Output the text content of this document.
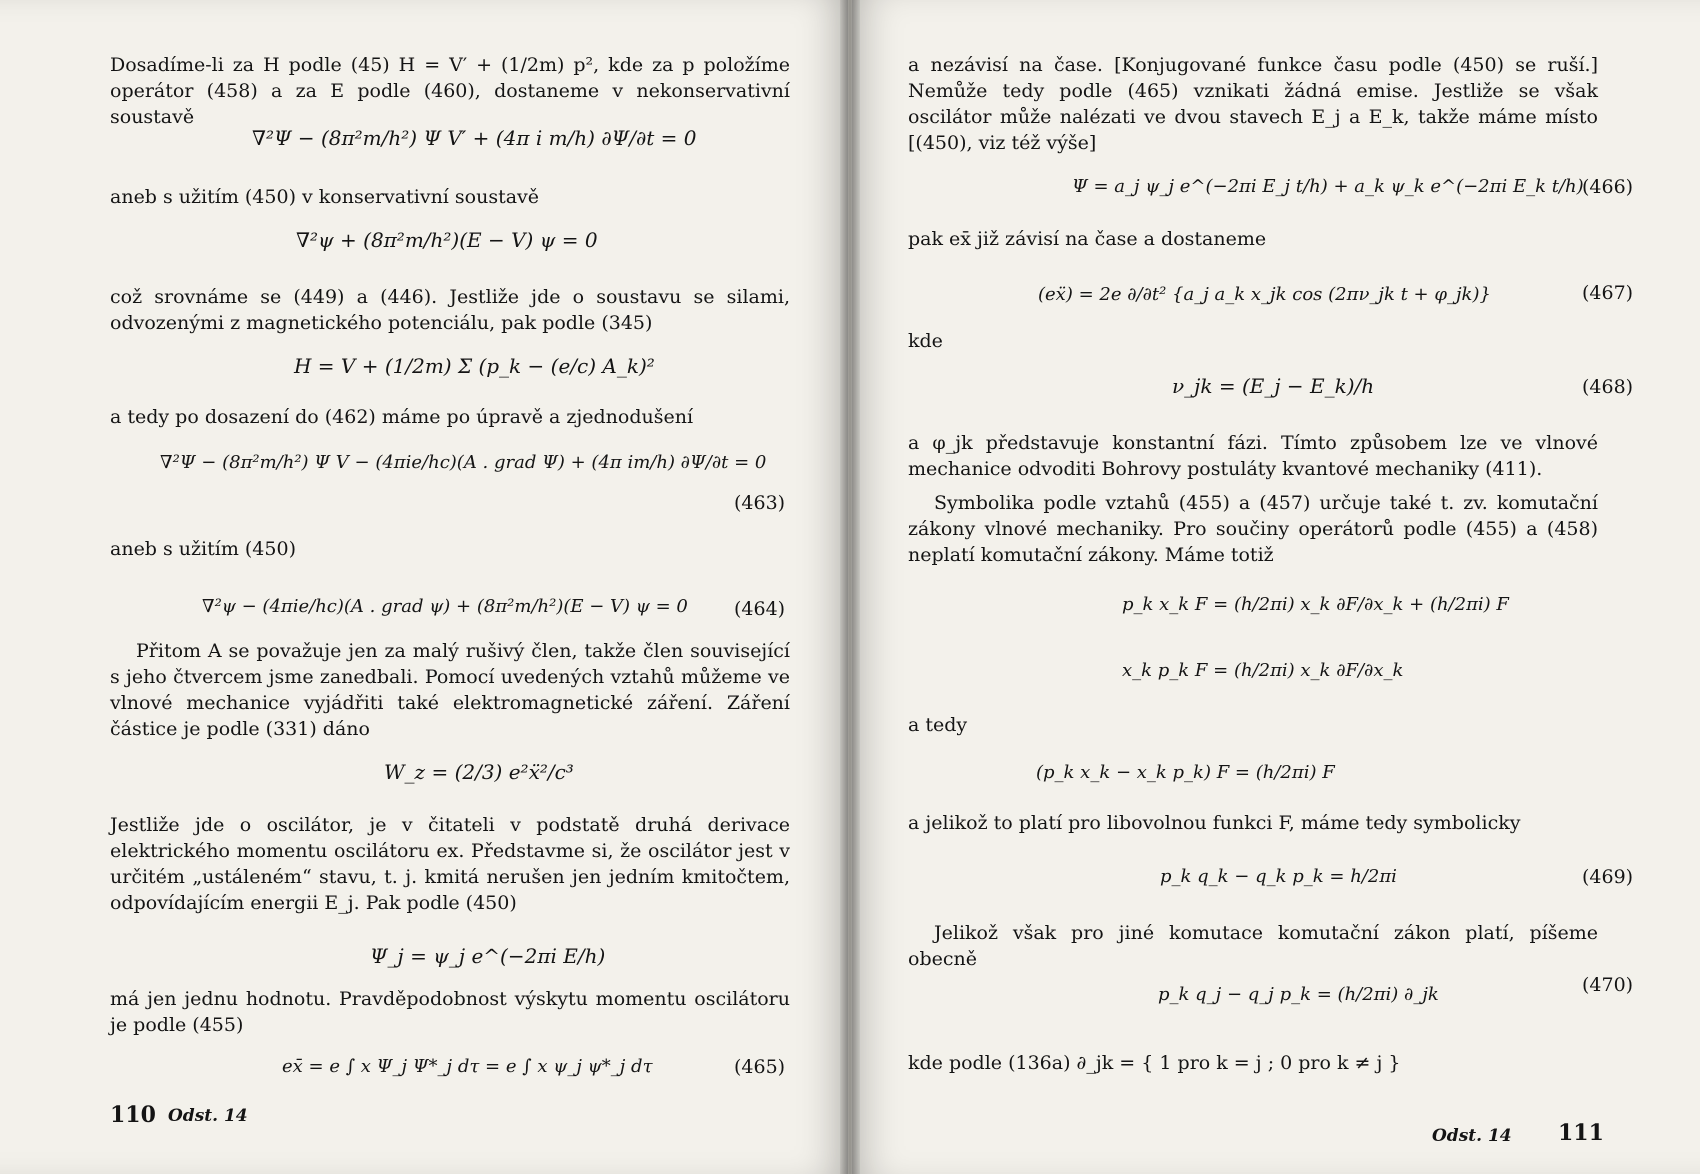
Dosadíme-li za H podle (45) H = V′ + (1/2m) p², kde za p položíme operátor (458) a za E podle (460), dostaneme v nekonservativní soustavě
∇²Ψ − (8π²m/h²) Ψ V′ + (4π i m/h) ∂Ψ/∂t = 0
aneb s užitím (450) v konservativní soustavě
∇²ψ + (8π²m/h²)(E − V) ψ = 0
což srovnáme se (449) a (446). Jestliže jde o soustavu se silami, odvozenými z magnetického potenciálu, pak podle (345)
H = V + (1/2m) Σ (p_k − (e/c) A_k)²
a tedy po dosazení do (462) máme po úpravě a zjednodušení
∇²Ψ − (8π²m/h²) Ψ V − (4πie/hc)(A . grad Ψ) + (4π im/h) ∂Ψ/∂t = 0
(463)
aneb s užitím (450)
∇²ψ − (4πie/hc)(A . grad ψ) + (8π²m/h²)(E − V) ψ = 0 (464)
Přitom A se považuje jen za malý rušivý člen, takže člen související s jeho čtvercem jsme zanedbali. Pomocí uvedených vztahů můžeme ve vlnové mechanice vyjádřiti také elektromagnetické záření. Záření částice je podle (331) dáno
W_z = (2/3) e²ẍ²/c³
Jestliže jde o oscilátor, je v čitateli v podstatě druhá derivace elektrického momentu oscilátoru ex. Představme si, že oscilátor jest v určitém „ustáleném“ stavu, t. j. kmitá nerušen jen jedním kmitočtem, odpovídajícím energii E_j. Pak podle (450)
Ψ_j = ψ_j e^(−2πi E/h)
má jen jednu hodnotu. Pravděpodobnost výskytu momentu oscilátoru je podle (455)
ex̄ = e ∫ x Ψ_j Ψ*_j dτ = e ∫ x ψ_j ψ*_j dτ	(465)
110 Odst. 14
a nezávisí na čase. [Konjugované funkce času podle (450) se ruší.] Nemůže tedy podle (465) vznikati žádná emise. Jestliže se však oscilátor může nalézati ve dvou stavech E_j a E_k, takže máme místo [(450), viz též výše]
Ψ = a_j ψ_j e^(−2πi E_j t/h) + a_k ψ_k e^(−2πi E_k t/h)
(466)
pak ex̄ již závisí na čase a dostaneme
(eẍ) = 2e ∂/∂t² {a_j a_k x_jk cos (2πν_jk t + φ_jk)}	(467)
kde
ν_jk = (E_j − E_k)/h	(468)
a φ_jk představuje konstantní fázi. Tímto způsobem lze ve vlnové mechanice odvoditi Bohrovy postuláty kvantové mechaniky (411).
Symbolika podle vztahů (455) a (457) určuje také t. zv. komutační zákony vlnové mechaniky. Pro součiny operátorů podle (455) a (458) neplatí komutační zákony. Máme totiž
p_k x_k F = (h/2πi) x_k ∂F/∂x_k + (h/2πi) F
x_k p_k F = (h/2πi) x_k ∂F/∂x_k
a tedy
(p_k x_k − x_k p_k) F = (h/2πi) F
a jelikož to platí pro libovolnou funkci F, máme tedy symbolicky
p_k q_k − q_k p_k = h/2πi	(469)
Jelikož však pro jiné komutace komutační zákon platí, píšeme obecně
p_k q_j − q_j p_k = (h/2πi) ∂_jk	(470)
kde podle (136a) ∂_jk = { 1 pro k = j ; 0 pro k ≠ j }
Odst. 14 111
